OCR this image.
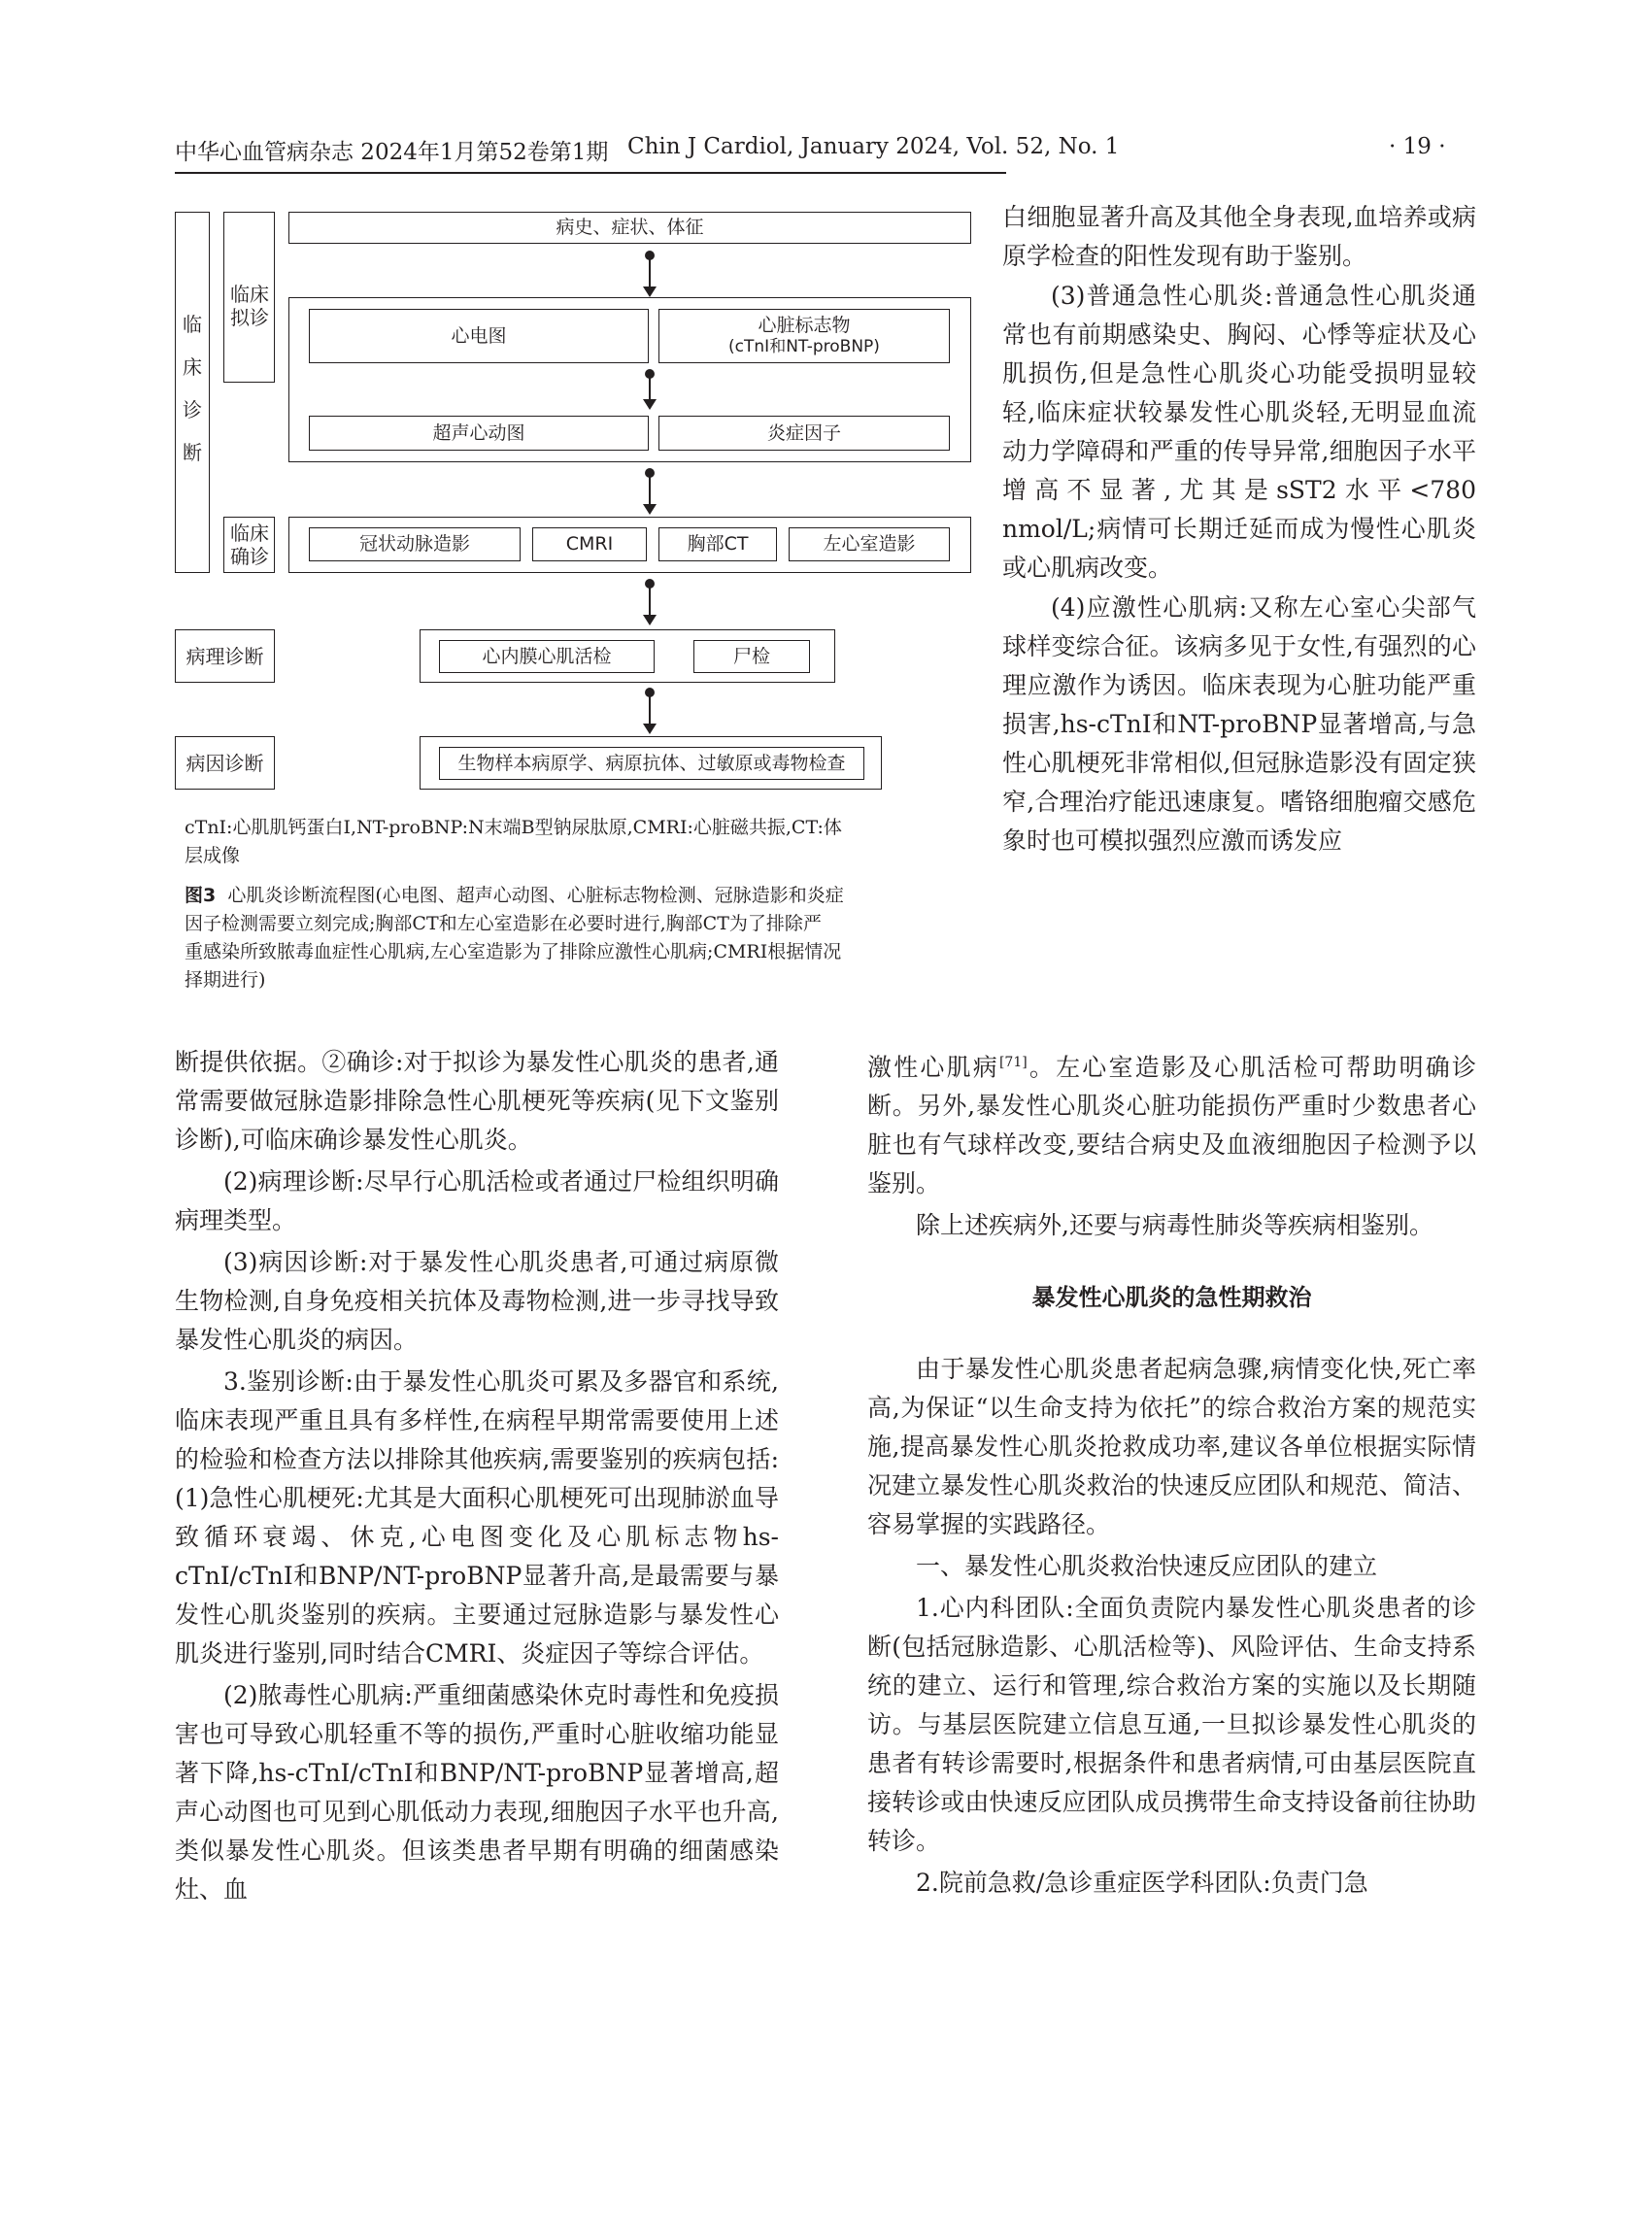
中华心血管病杂志 2024年1月第52卷第1期 Chin J Cardiol, January 2024, Vol. 52, No. 1	· 19 ·
临
床
诊
断
临床拟诊
临床确诊
病史、症状、体征
心电图	心脏标志物
(cTnI和NT-proBNP)
超声心动图	炎症因子
冠状动脉造影	CMRI	胸部CT	左心室造影
病理诊断	心内膜心肌活检	尸检
病因诊断	生物样本病原学、病原抗体、过敏原或毒物检查
cTnI:心肌肌钙蛋白I,NT-proBNP:N末端B型钠尿肽原,CMRI:心脏磁共振,CT:体
层成像
图3 心肌炎诊断流程图(心电图、超声心动图、心脏标志物检测、冠脉造影和炎症
因子检测需要立刻完成;胸部CT和左心室造影在必要时进行,胸部CT为了排除严
重感染所致脓毒血症性心肌病,左心室造影为了排除应激性心肌病;CMRI根据情况
择期进行)

白细胞显著升高及其他全身表现,血培养或病原学检查的阳性发现有助于鉴别。

(3)普通急性心肌炎:普通急性心肌炎通常也有前期感染史、胸闷、心悸等症状及心肌损伤,但是急性心肌炎心功能受损明显较轻,临床症状较暴发性心肌炎轻,无明显血流动力学障碍和严重的传导异常,细胞因子水平增高不显著,尤其是sST2水平<780 nmol/L;病情可长期迁延而成为慢性心肌炎或心肌病改变。

(4)应激性心肌病:又称左心室心尖部气球样变综合征。该病多见于女性,有强烈的心理应激作为诱因。临床表现为心脏功能严重损害,hs-cTnI和NT-proBNP显著增高,与急性心肌梗死非常相似,但冠脉造影没有固定狭窄,合理治疗能迅速康复。嗜铬细胞瘤交感危象时也可模拟强烈应激而诱发应

断提供依据。②确诊:对于拟诊为暴发性心肌炎的患者,通常需要做冠脉造影排除急性心肌梗死等疾病(见下文鉴别诊断),可临床确诊暴发性心肌炎。

(2)病理诊断:尽早行心肌活检或者通过尸检组织明确病理类型。

(3)病因诊断:对于暴发性心肌炎患者,可通过病原微生物检测,自身免疫相关抗体及毒物检测,进一步寻找导致暴发性心肌炎的病因。

3.鉴别诊断:由于暴发性心肌炎可累及多器官和系统,临床表现严重且具有多样性,在病程早期常需要使用上述的检验和检查方法以排除其他疾病,需要鉴别的疾病包括:(1)急性心肌梗死:尤其是大面积心肌梗死可出现肺淤血导致循环衰竭、休克,心电图变化及心肌标志物hs-cTnI/cTnI和BNP/NT-proBNP显著升高,是最需要与暴发性心肌炎鉴别的疾病。主要通过冠脉造影与暴发性心肌炎进行鉴别,同时结合CMRI、炎症因子等综合评估。

(2)脓毒性心肌病:严重细菌感染休克时毒性和免疫损害也可导致心肌轻重不等的损伤,严重时心脏收缩功能显著下降,hs-cTnI/cTnI和BNP/NT-proBNP显著增高,超声心动图也可见到心肌低动力表现,细胞因子水平也升高,类似暴发性心肌炎。但该类患者早期有明确的细菌感染灶、血

激性心肌病[71]。左心室造影及心肌活检可帮助明确诊断。另外,暴发性心肌炎心脏功能损伤严重时少数患者心脏也有气球样改变,要结合病史及血液细胞因子检测予以鉴别。

除上述疾病外,还要与病毒性肺炎等疾病相鉴别。

暴发性心肌炎的急性期救治

由于暴发性心肌炎患者起病急骤,病情变化快,死亡率高,为保证“以生命支持为依托”的综合救治方案的规范实施,提高暴发性心肌炎抢救成功率,建议各单位根据实际情况建立暴发性心肌炎救治的快速反应团队和规范、简洁、容易掌握的实践路径。

一、暴发性心肌炎救治快速反应团队的建立

1.心内科团队:全面负责院内暴发性心肌炎患者的诊断(包括冠脉造影、心肌活检等)、风险评估、生命支持系统的建立、运行和管理,综合救治方案的实施以及长期随访。与基层医院建立信息互通,一旦拟诊暴发性心肌炎的患者有转诊需要时,根据条件和患者病情,可由基层医院直接转诊或由快速反应团队成员携带生命支持设备前往协助转诊。

2.院前急救/急诊重症医学科团队:负责门急
